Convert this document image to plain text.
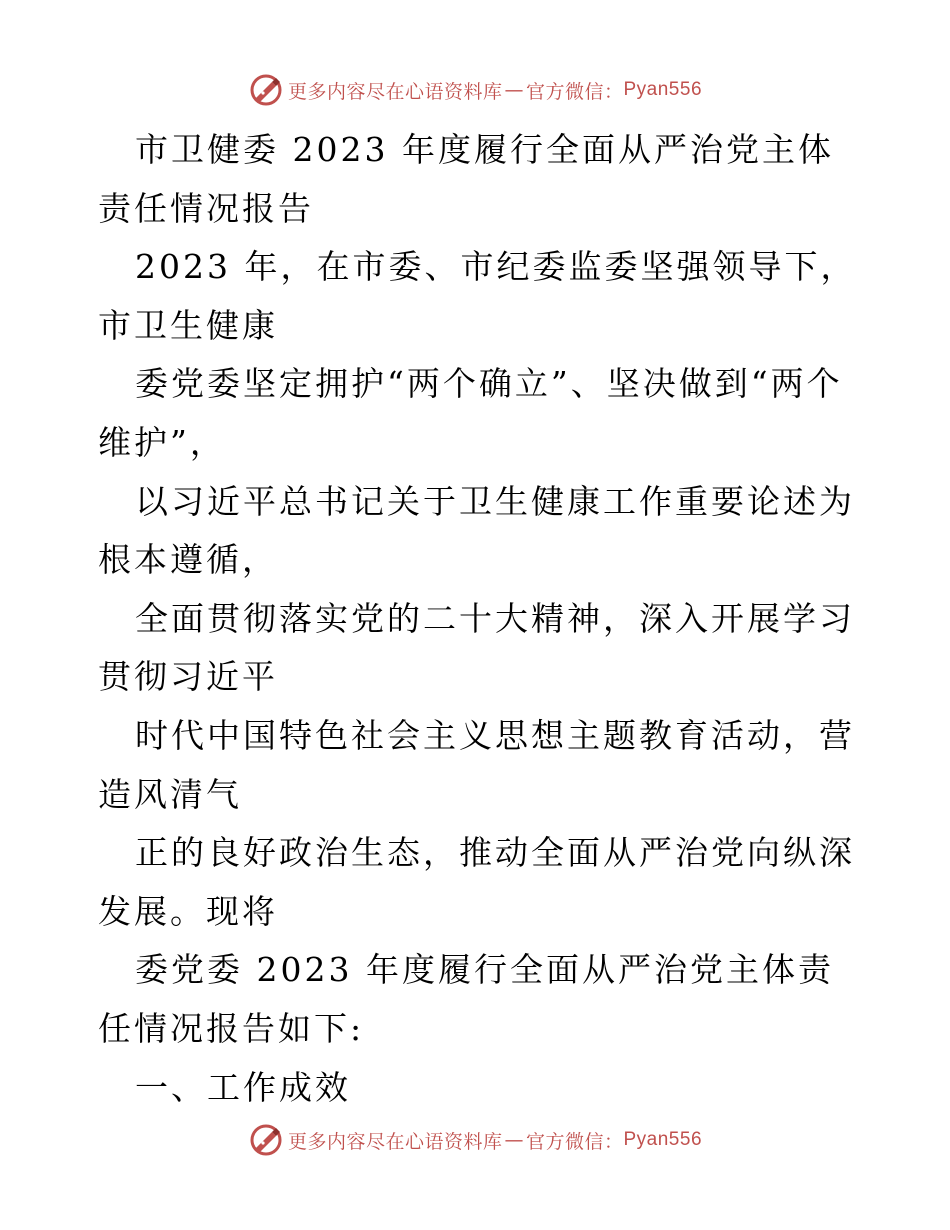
更多内容尽在心语资料库 — 官方微信： Pyan556

市卫健委 2023 年度履行全面从严治党主体责任情况报告

2023 年，在市委、市纪委监委坚强领导下，市卫生健康

委党委坚定拥护“两个确立”、坚决做到“两个维护”，

以习近平总书记关于卫生健康工作重要论述为根本遵循，

全面贯彻落实党的二十大精神，深入开展学习贯彻习近平

时代中国特色社会主义思想主题教育活动，营造风清气

正的良好政治生态，推动全面从严治党向纵深发展。现将

委党委 2023 年度履行全面从严治党主体责任情况报告如下:

一、工作成效

更多内容尽在心语资料库 — 官方微信： Pyan556
